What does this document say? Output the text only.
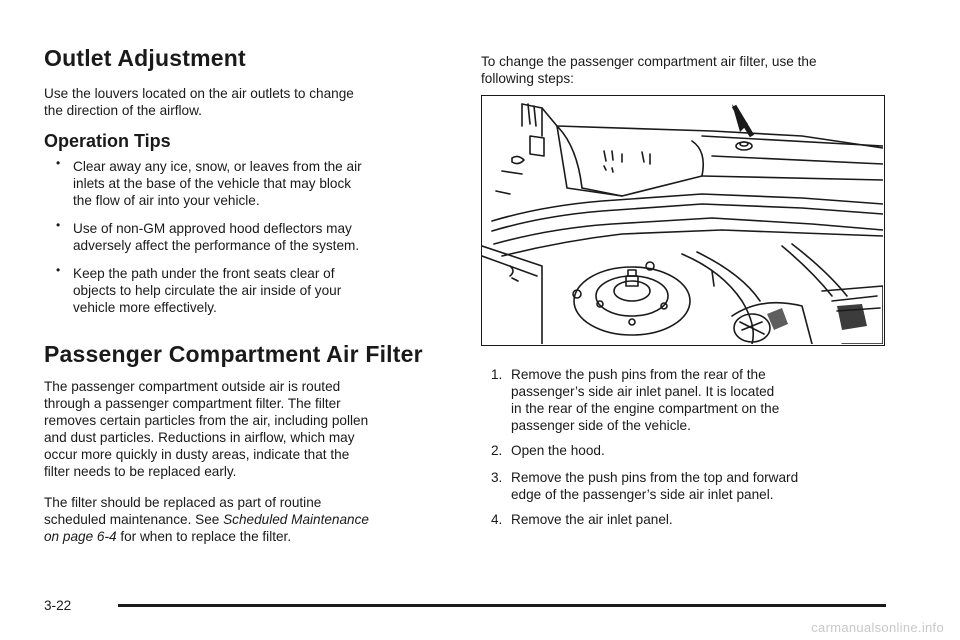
Outlet Adjustment

Use the louvers located on the air outlets to change

the direction of the airflow.

Operation Tips
• Clear away any ice, snow, or leaves from the air
inlets at the base of the vehicle that may block
the flow of air into your vehicle.
• Use of non-GM approved hood deflectors may
adversely affect the performance of the system.
• Keep the path under the front seats clear of
objects to help circulate the air inside of your
vehicle more effectively.
Passenger Compartment Air Filter
The passenger compartment outside air is routed
through a passenger compartment filter. The filter
removes certain particles from the air, including pollen
and dust particles. Reductions in airflow, which may
occur more quickly in dusty areas, indicate that the
filter needs to be replaced early.
The filter should be replaced as part of routine
scheduled maintenance. See Scheduled Maintenance
on page 6-4 for when to replace the filter.

To change the passenger compartment air filter, use the

following steps:

1. Remove the push pins from the rear of the
passenger’s side air inlet panel. It is located
in the rear of the engine compartment on the
passenger side of the vehicle.
2. Open the hood.
3. Remove the push pins from the top and forward
edge of the passenger’s side air inlet panel.
4. Remove the air inlet panel.
3-22
carmanualsonline.info
